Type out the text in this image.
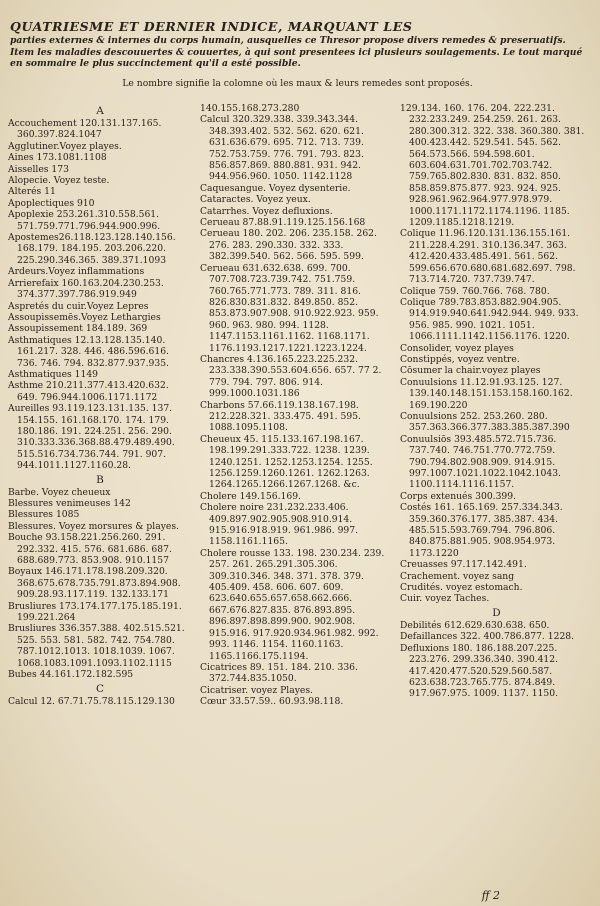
QUATRIESME ET DERNIER INDICE, MARQUANT LES
parties externes & internes du corps humain, ausquelles ce Thresor propose divers remedes & preseruatifs. Item les maladies descouuertes & couuertes, à qui sont presentees ici plusieurs soulagements. Le tout marqué en sommaire le plus succinctement qu'il a esté possible.
Le nombre signifie la colomne où les maux & leurs remedes sont proposés.

A

Accouchement 120.131.137.165. 360.397.824.1047

Agglutiner.Voyez playes.

Aines 173.1081.1108

Aisselles 173

Alopecie. Voyez teste.

Alterés 11

Apoplectiques 910

Apoplexie 253.261.310.558.561. 571.759.771.796.944.900.996.

Apostemes26.118.123.128.140.156. 168.179. 184.195. 203.206.220. 225.290.346.365. 389.371.1093

Ardeurs.Voyez inflammations

Arrierefaix 160.163.204.230.253. 374.377.397.786.919.949

Aspretés du cuir.Voyez Lepres

Assoupissemēs.Voyez Lethargies

Assoupissement 184.189. 369

Asthmatiques 12.13.128.135.140. 161.217. 328. 446. 486.596.616. 736. 746. 794. 832.877.937.935.

Asthmatiques 1149

Asthme 210.211.377.413.420.632. 649. 796.944.1006.1171.1172

Aureilles 93.119.123.131.135. 137. 154.155. 161.168.170. 174. 179. 180.186. 191. 224.251. 256. 290. 310.333.336.368.88.479.489.490. 515.516.734.736.744. 791. 907. 944.1011.1127.1160.28.

B

Barbe. Voyez cheueux

Blessures venimeuses 142

Blessures 1085

Blessures. Voyez morsures & playes.

Bouche 93.158.221.256.260. 291. 292.332. 415. 576. 681.686. 687. 688.689.773. 853.908. 910.1157

Boyaux 146.171.178.198.209.320. 368.675.678.735.791.873.894.908. 909.28.93.117.119. 132.133.171

Brusliures 173.174.177.175.185.191. 199.221.264

Brusliures 336.357.388. 402.515.521. 525. 553. 581. 582. 742. 754.780. 787.1012.1013. 1018.1039. 1067. 1068.1083.1091.1093.1102.1115

Bubes 44.161.172.182.595

C

Calcul 12. 67.71.75.78.115.129.130

140.155.168.273.280

Calcul 320.329.338. 339.343.344. 348.393.402. 532. 562. 620. 621. 631.636.679. 695. 712. 713. 739. 752.753.759. 776. 791. 793. 823. 856.857.869. 880.881. 931. 942. 944.956.960. 1050. 1142.1128

Caquesangue. Voyez dysenterie.

Cataractes. Voyez yeux.

Catarrhes. Voyez defluxions.

Cerueau 87.88.91.119.125.156.168

Cerueau 180. 202. 206. 235.158. 262. 276. 283. 290.330. 332. 333. 382.399.540. 562. 566. 595. 599.

Cerueau 631.632.638. 699. 700. 707.708.723.739.742. 751.759. 760.765.771.773. 789. 311. 816. 826.830.831.832. 849.850. 852. 853.873.907.908. 910.922.923. 959. 960. 963. 980. 994. 1128. 1147.1153.1161.1162. 1168.1171. 1176.1193.1217.1221.1223.1224.

Chancres 4.136.165.223.225.232. 233.338.390.553.604.656. 657. 77 2. 779. 794. 797. 806. 914. 999.1000.1031.186

Charbons 57.66.119.138.167.198. 212.228.321. 333.475. 491. 595. 1088.1095.1108.

Cheueux 45. 115.133.167.198.167. 198.199.291.333.722. 1238. 1239. 1240.1251. 1252.1253.1254. 1255. 1256.1259.1260.1261. 1262.1263. 1264.1265.1266.1267.1268. &c.

Cholere 149.156.169.

Cholere noire 231.232.233.406. 409.897.902.905.908.910.914. 915.916.918.919. 961.986. 997. 1158.1161.1165.

Cholere rousse 133. 198. 230.234. 239. 257. 261. 265.291.305.306. 309.310.346. 348. 371. 378. 379. 405.409. 458. 606. 607. 609. 623.640.655.657.658.662.666. 667.676.827.835. 876.893.895. 896.897.898.899.900. 902.908. 915.916. 917.920.934.961.982. 992. 993. 1146. 1154. 1160.1163. 1165.1166.175.1194.

Cicatrices 89. 151. 184. 210. 336. 372.744.835.1050.

Cicatriser. voyez Playes.

Cœur 33.57.59.. 60.93.98.118.

129.134. 160. 176. 204. 222.231. 232.233.249. 254.259. 261. 263. 280.300.312. 322. 338. 360.380. 381. 400.423.442. 529.541. 545. 562. 564.573.566. 594.598.601. 603.604.631.701.702.703.742. 759.765.802.830. 831. 832. 850. 858.859.875.877. 923. 924. 925. 928.961.962.964.977.978.979. 1000.1171.1172.1174.1196. 1185. 1209.1185.1218.1219.

Colique 11.96.120.131.136.155.161. 211.228.4.291. 310.136.347. 363. 412.420.433.485.491. 561. 562. 599.656.670.680.681.682.697. 798. 713.714.720. 737.739.747.

Colique 759. 760.766. 768. 780.

Colique 789.783.853.882.904.905. 914.919.940.641.942.944. 949. 933. 956. 985. 990. 1021. 1051. 1066.1111.1142.1156.1176. 1220.

Consolider, voyez playes

Constippés, voyez ventre.

Cōsumer la chair.voyez playes

Conuulsions 11.12.91.93.125. 127. 139.140.148.151.153.158.160.162. 169.190.220

Conuulsions 252. 253.260. 280. 357.363.366.377.383.385.387.390

Conuulsiōs 393.485.572.715.736. 737.740. 746.751.770.772.759. 790.794.802.908.909. 914.915. 997.1007.1021.1022.1042.1043. 1100.1114.1116.1157.

Corps extenués 300.399.

Costés 161. 165.169. 257.334.343. 359.360.376.177. 385.387. 434. 485.515.593.769.794. 796.806. 840.875.881.905. 908.954.973. 1173.1220

Creuasses 97.117.142.491.

Crachement. voyez sang

Crudités. voyez estomach.

Cuir. voyez Taches.

D

Debilités 612.629.630.638. 650.

Defaillances 322. 400.786.877. 1228.

Defluxions 180. 186.188.207.225. 223.276. 299.336.340. 390.412. 417.420.477.520.529.560.587. 623.638.723.765.775. 874.849. 917.967.975. 1009. 1137. 1150.

ff 2
